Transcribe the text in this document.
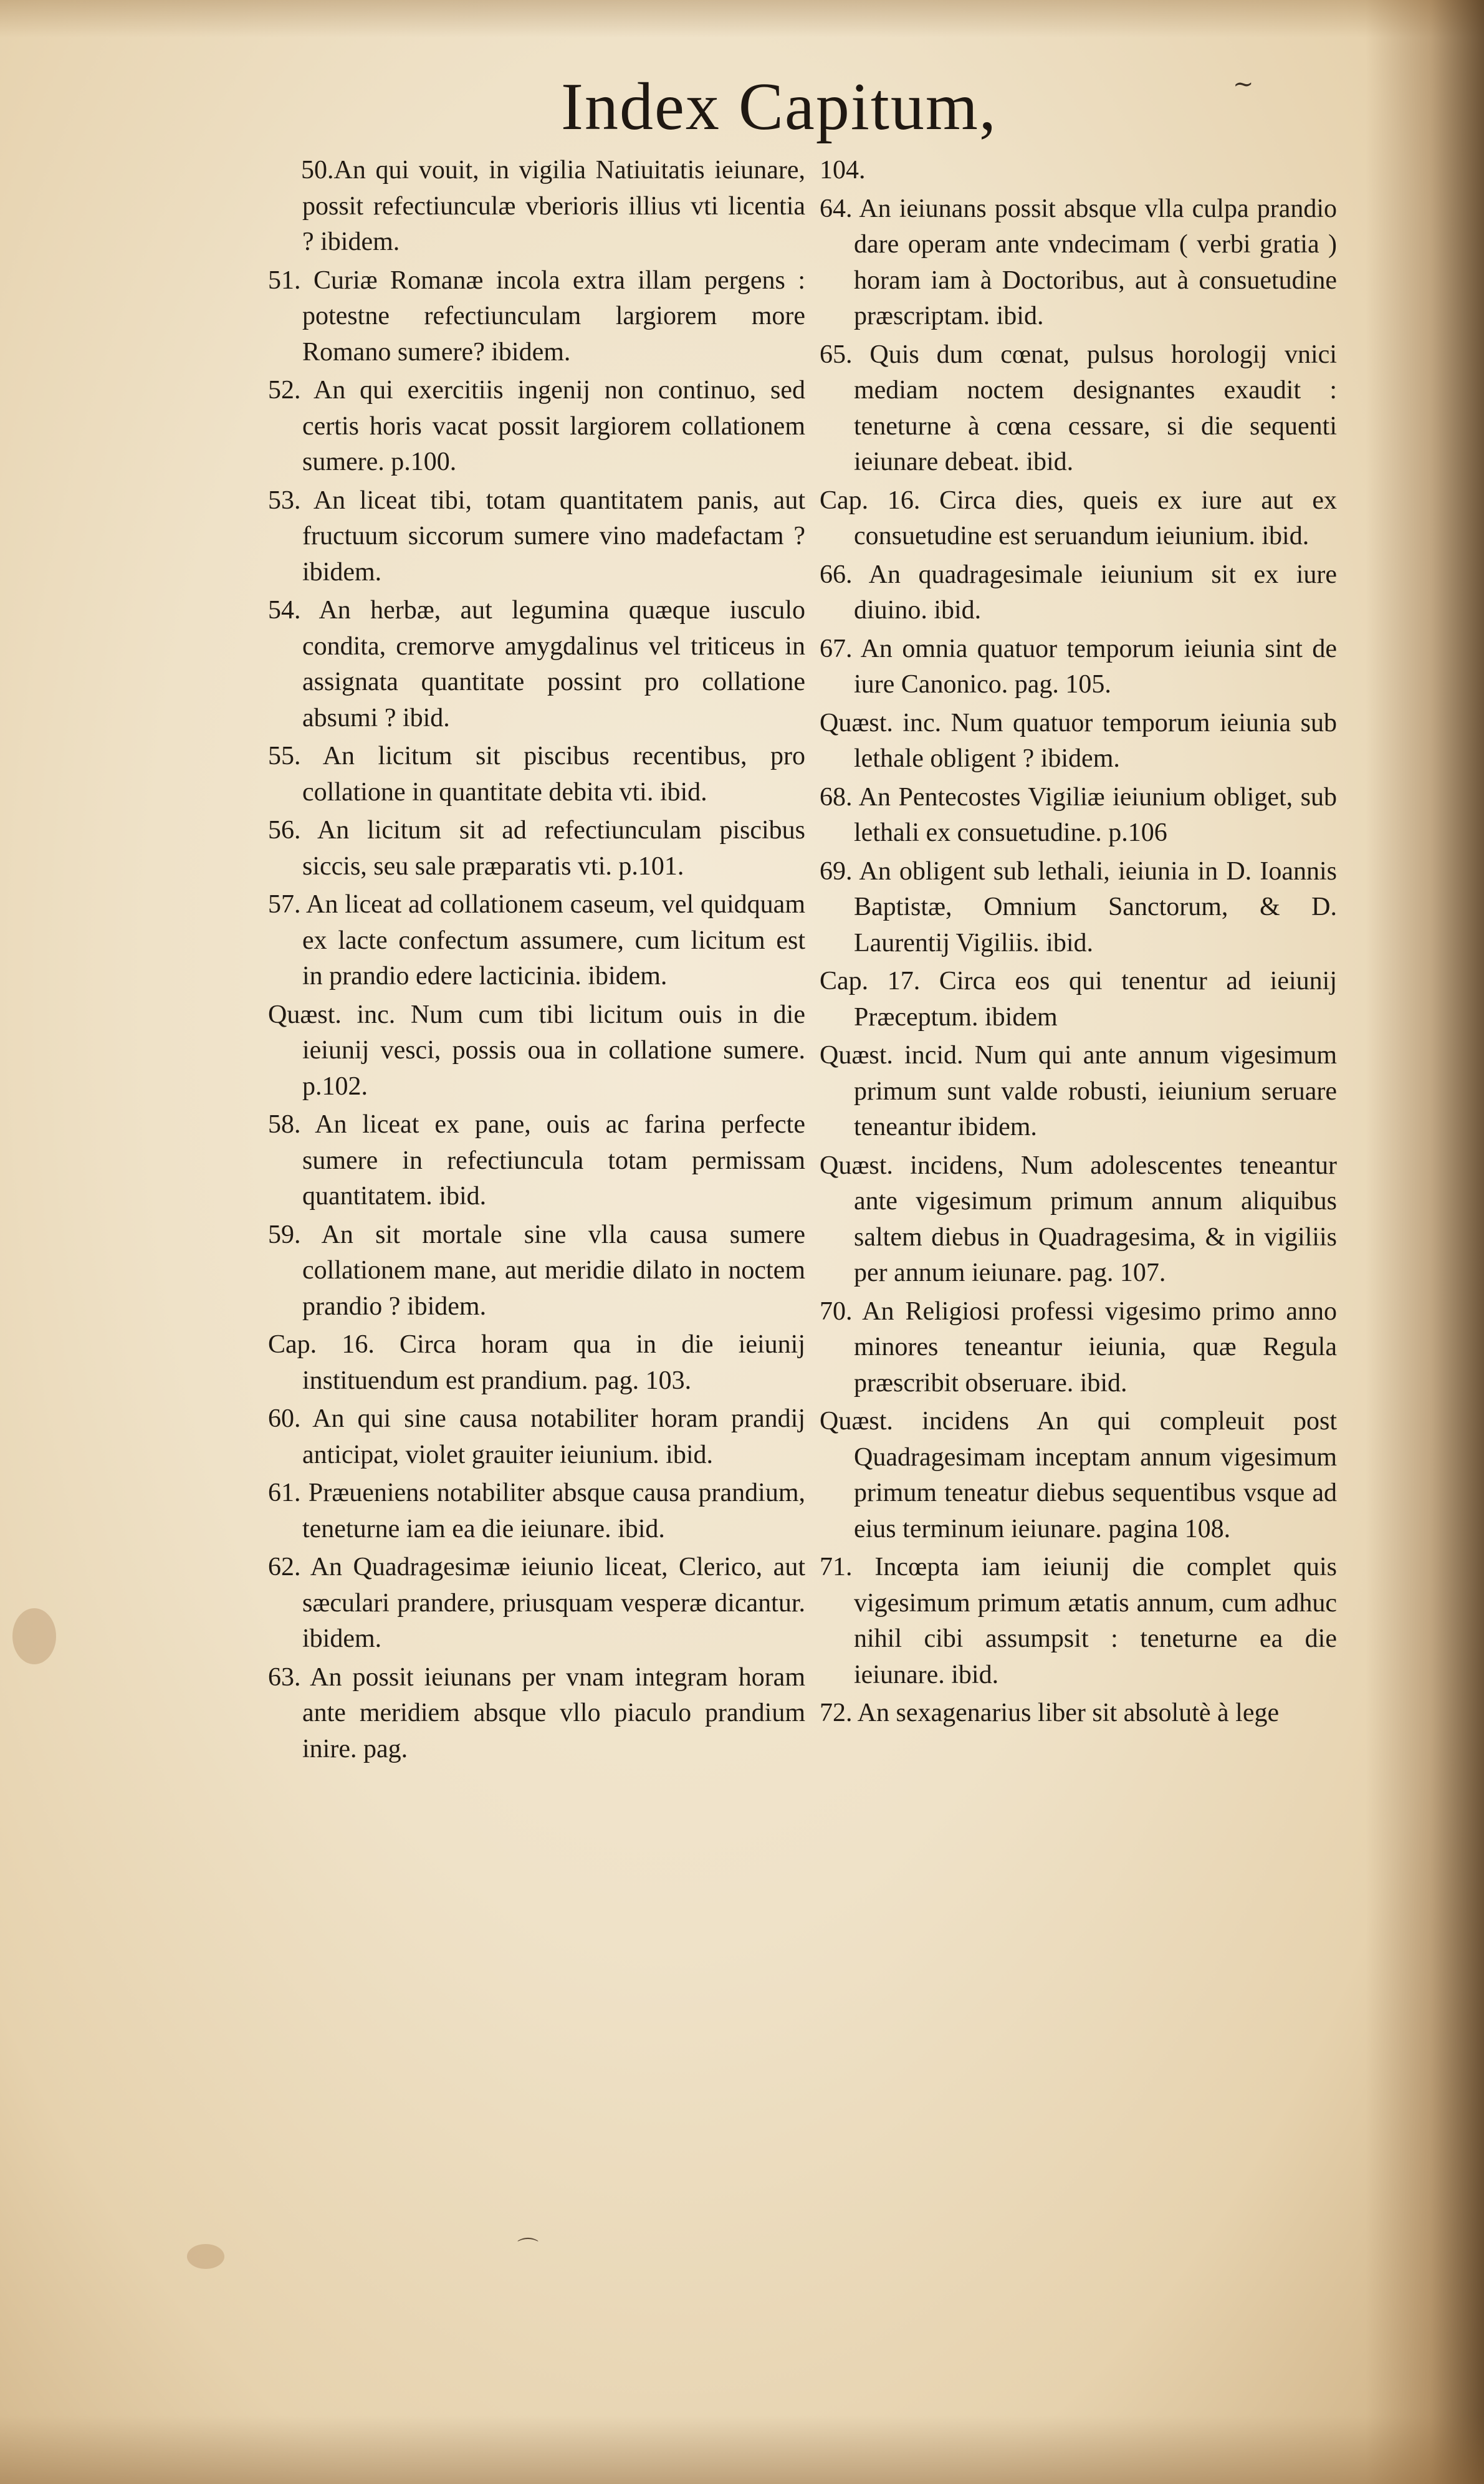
Index Capitum,	~
50.An qui vouit, in vigilia Natiuitatis ieiunare, possit refectiunculæ vberioris illius vti licentia ? ibidem.
51. Curiæ Romanæ incola extra illam pergens : potestne refectiunculam largiorem more Romano sumere? ibidem.
52. An qui exercitiis ingenij non continuo, sed certis horis vacat possit largiorem collationem sumere. p.100.
53. An liceat tibi, totam quantitatem panis, aut fructuum siccorum sumere vino madefactam ? ibidem.
54. An herbæ, aut legumina quæque iusculo condita, cremorve amygdalinus vel triticeus in assignata quantitate possint pro collatione absumi ? ibid.
55. An licitum sit piscibus recentibus, pro collatione in quantitate debita vti. ibid.
56. An licitum sit ad refectiunculam piscibus siccis, seu sale præparatis vti. p.101.
57. An liceat ad collationem caseum, vel quidquam ex lacte confectum assumere, cum licitum est in prandio edere lacticinia. ibidem.
Quæst. inc. Num cum tibi licitum ouis in die ieiunij vesci, possis oua in collatione sumere. p.102.
58. An liceat ex pane, ouis ac farina perfecte sumere in refectiuncula totam permissam quantitatem. ibid.
59. An sit mortale sine vlla causa sumere collationem mane, aut meridie dilato in noctem prandio ? ibidem.
Cap. 16. Circa horam qua in die ieiunij instituendum est prandium. pag. 103.
60. An qui sine causa notabiliter horam prandij anticipat, violet grauiter ieiunium. ibid.
61. Præueniens notabiliter absque causa prandium, teneturne iam ea die ieiunare. ibid.
62. An Quadragesimæ ieiunio liceat, Clerico, aut sæculari prandere, priusquam vesperæ dicantur. ibidem.
63. An possit ieiunans per vnam integram horam ante meridiem absque vllo piaculo prandium inire. pag.
104.
64. An ieiunans possit absque vlla culpa prandio dare operam ante vndecimam ( verbi gratia ) horam iam à Doctoribus, aut à consuetudine præscriptam. ibid.
65. Quis dum cœnat, pulsus horologij vnici mediam noctem designantes exaudit : teneturne à cœna cessare, si die sequenti ieiunare debeat. ibid.
Cap. 16. Circa dies, queis ex iure aut ex consuetudine est seruandum ieiunium. ibid.
66. An quadragesimale ieiunium sit ex iure diuino. ibid.
67. An omnia quatuor temporum ieiunia sint de iure Canonico. pag. 105.
Quæst. inc. Num quatuor temporum ieiunia sub lethale obligent ? ibidem.
68. An Pentecostes Vigiliæ ieiunium obliget, sub lethali ex consuetudine. p.106
69. An obligent sub lethali, ieiunia in D. Ioannis Baptistæ, Omnium Sanctorum, & D. Laurentij Vigiliis. ibid.
Cap. 17. Circa eos qui tenentur ad ieiunij Præceptum. ibidem
Quæst. incid. Num qui ante annum vigesimum primum sunt valde robusti, ieiunium seruare teneantur ibidem.
Quæst. incidens, Num adolescentes teneantur ante vigesimum primum annum aliquibus saltem diebus in Quadragesima, & in vigiliis per annum ieiunare. pag. 107.
70. An Religiosi professi vigesimo primo anno minores teneantur ieiunia, quæ Regula præscribit obseruare. ibid.
Quæst. incidens An qui compleuit post Quadragesimam inceptam annum vigesimum primum teneatur diebus sequentibus vsque ad eius terminum ieiunare. pagina 108.
71. Incœpta iam ieiunij die complet quis vigesimum primum ætatis annum, cum adhuc nihil cibi assumpsit : teneturne ea die ieiunare. ibid.
72. An sexagenarius liber sit absolutè à lege
⌒
